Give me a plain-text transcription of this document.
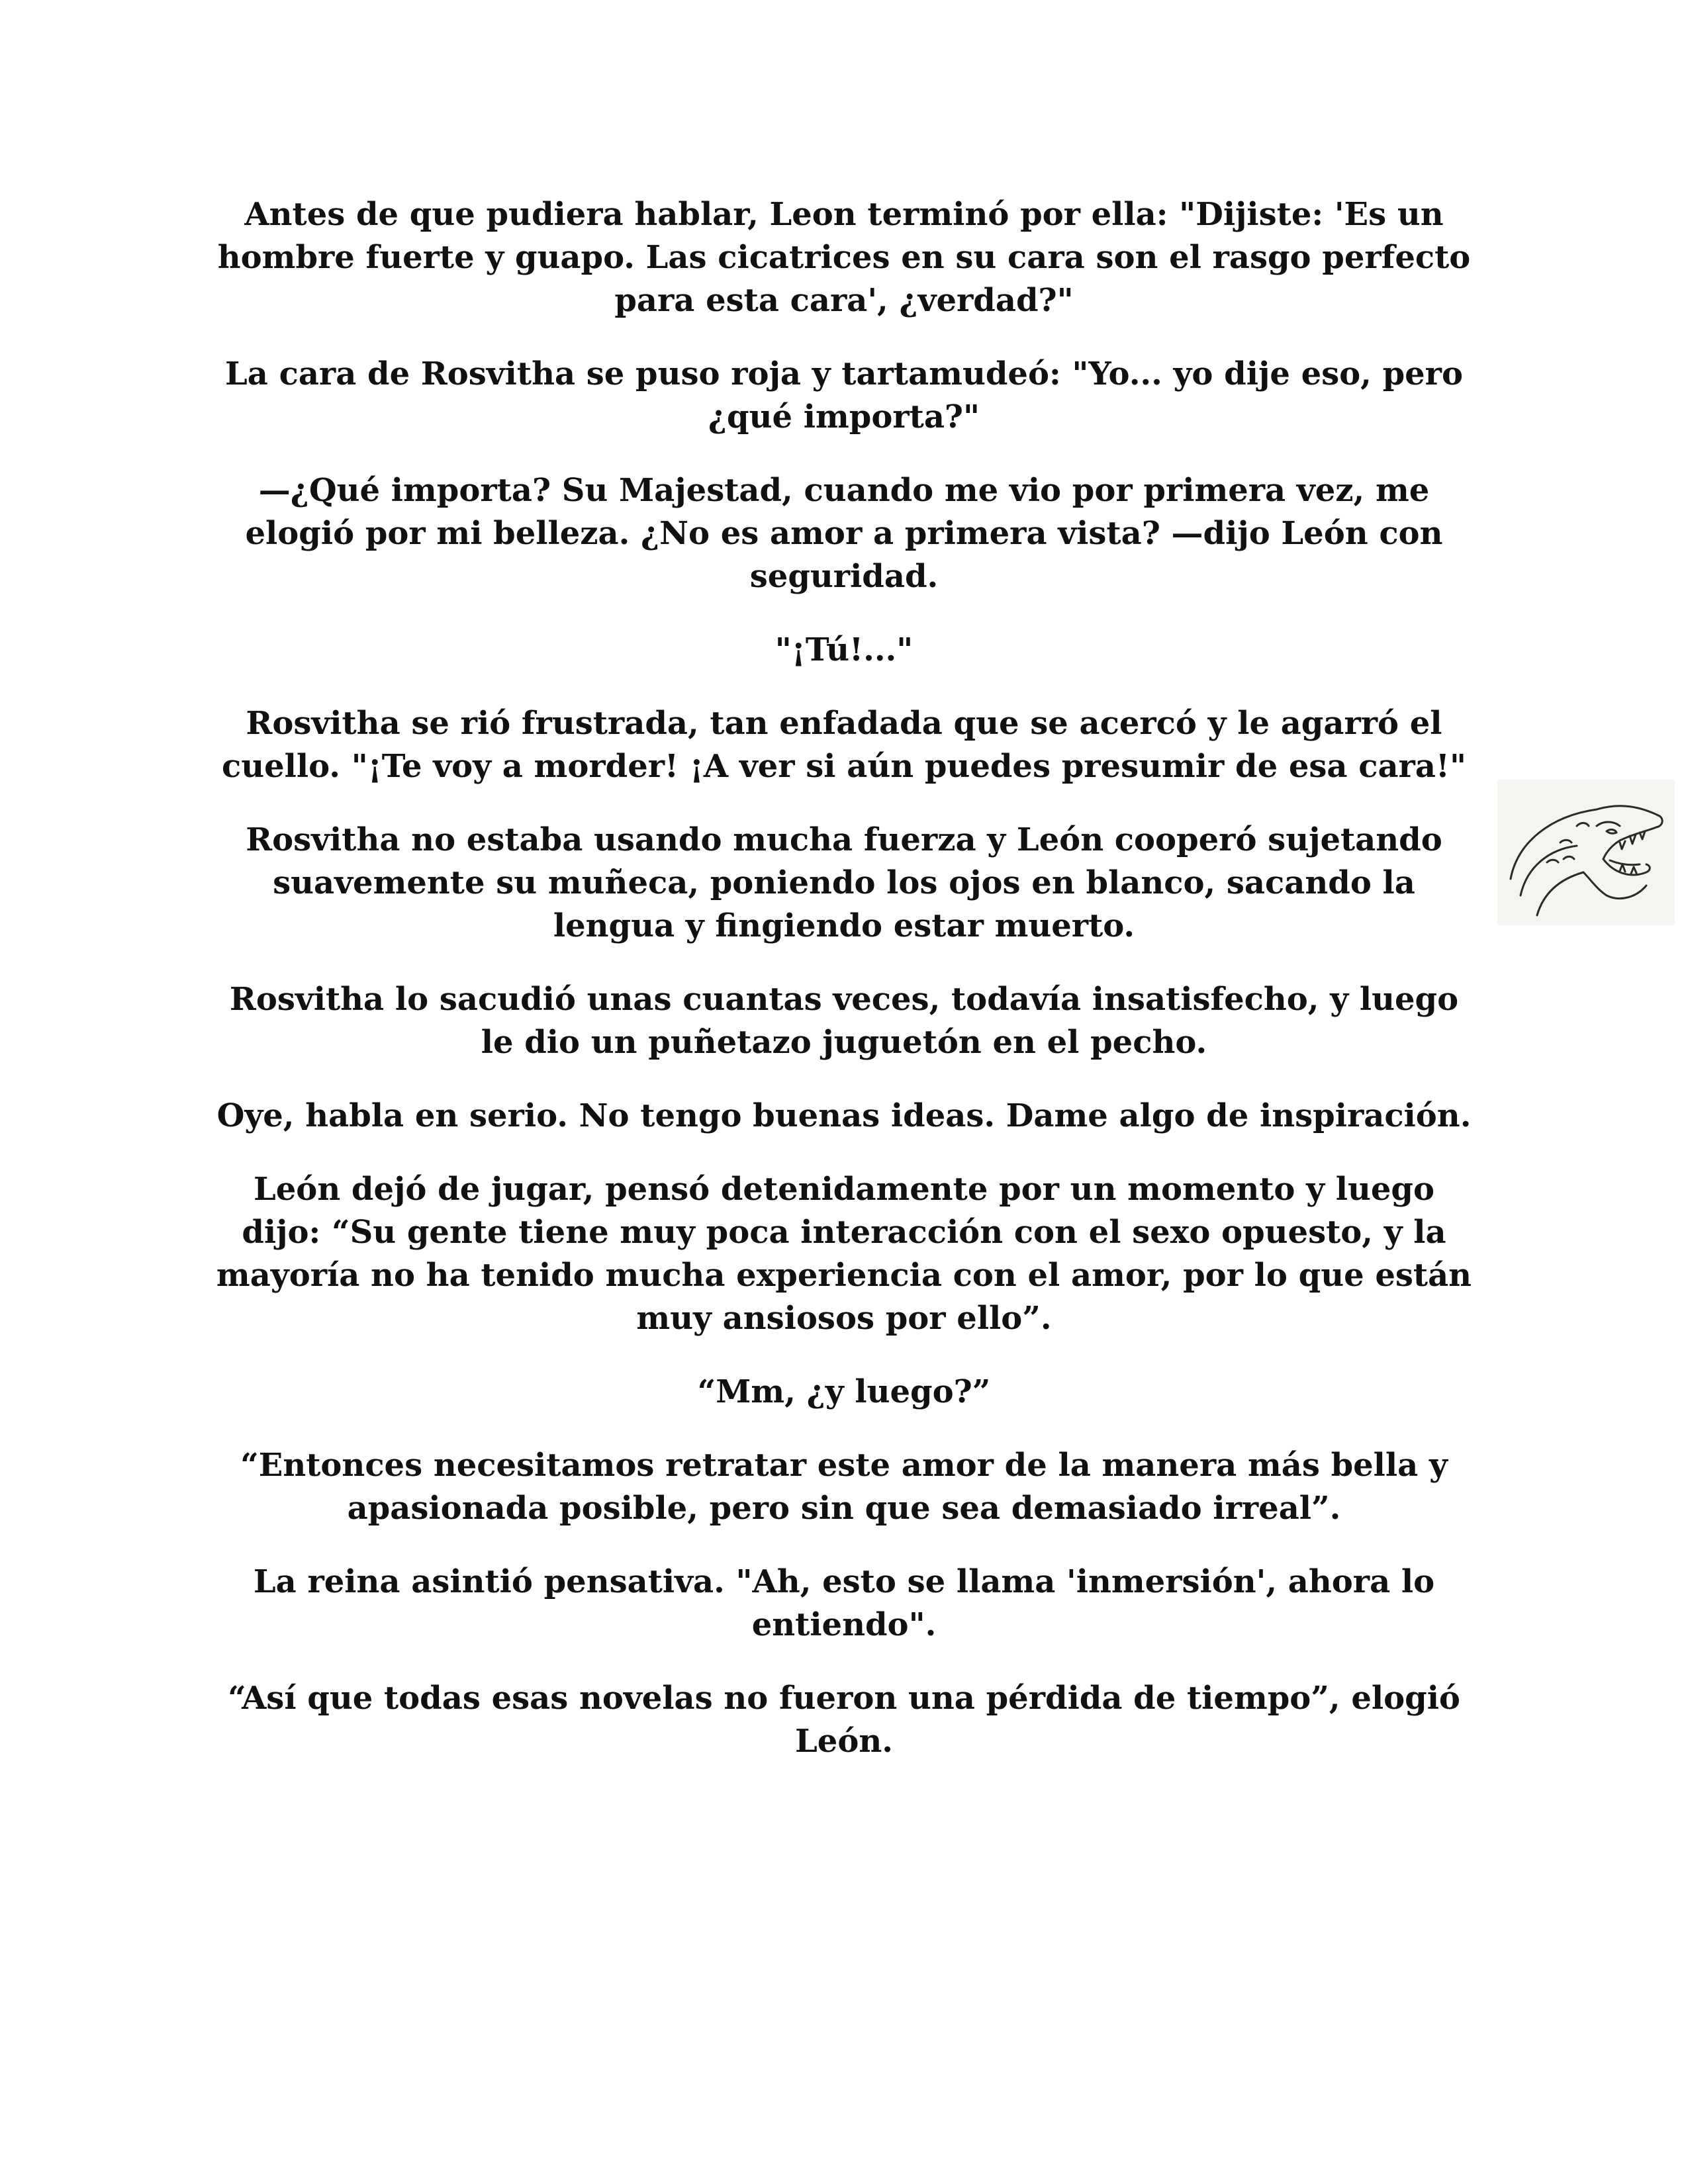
Antes de que pudiera hablar, Leon terminó por ella: "Dijiste: 'Es un hombre fuerte y guapo. Las cicatrices en su cara son el rasgo perfecto para esta cara', ¿verdad?"

La cara de Rosvitha se puso roja y tartamudeó: "Yo... yo dije eso, pero ¿qué importa?"

—¿Qué importa? Su Majestad, cuando me vio por primera vez, me elogió por mi belleza. ¿No es amor a primera vista? —dijo León con seguridad.

"¡Tú!..."

Rosvitha se rió frustrada, tan enfadada que se acercó y le agarró el cuello. "¡Te voy a morder! ¡A ver si aún puedes presumir de esa cara!"

Rosvitha no estaba usando mucha fuerza y León cooperó sujetando suavemente su muñeca, poniendo los ojos en blanco, sacando la lengua y fingiendo estar muerto.

Rosvitha lo sacudió unas cuantas veces, todavía insatisfecho, y luego le dio un puñetazo juguetón en el pecho.

Oye, habla en serio. No tengo buenas ideas. Dame algo de inspiración.

León dejó de jugar, pensó detenidamente por un momento y luego dijo: “Su gente tiene muy poca interacción con el sexo opuesto, y la mayoría no ha tenido mucha experiencia con el amor, por lo que están muy ansiosos por ello”.

“Mm, ¿y luego?”

“Entonces necesitamos retratar este amor de la manera más bella y apasionada posible, pero sin que sea demasiado irreal”.

La reina asintió pensativa. "Ah, esto se llama 'inmersión', ahora lo entiendo".

“Así que todas esas novelas no fueron una pérdida de tiempo”, elogió León.
